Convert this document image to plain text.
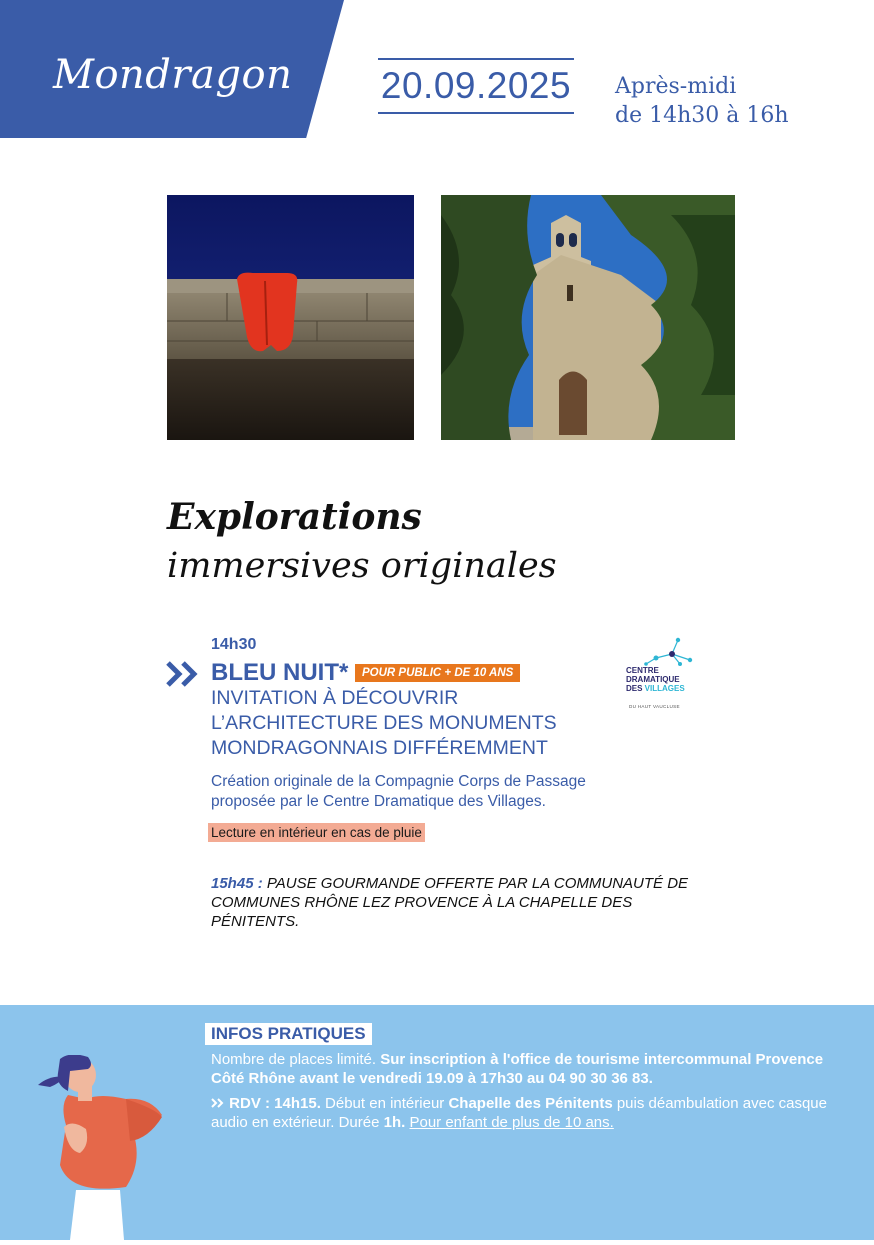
Mondragon 20.09.2025 Après-midi
de 14h30 à 16h
Explorations
immersives originales
14h30
BLEU NUIT*	POUR PUBLIC + DE 10 ANS
INVITATION À DÉCOUVRIR
L’ARCHITECTURE DES MONUMENTS
MONDRAGONNAIS DIFFÉREMMENT
Création originale de la Compagnie Corps de Passage
proposée par le Centre Dramatique des Villages.
Lecture en intérieur en cas de pluie
15h45 : PAUSE GOURMANDE OFFERTE PAR LA COMMUNAUTÉ DE COMMUNES RHÔNE LEZ PROVENCE À LA CHAPELLE DES PÉNITENTS.
CENTRE
DRAMATIQUE
DES VILLAGES
DU HAUT VAUCLUSE
INFOS PRATIQUES

Nombre de places limité. Sur inscription à l'office de tourisme intercommunal Provence Côté Rhône avant le vendredi 19.09 à 17h30 au 04 90 30 36 83.

RDV : 14h15. Début en intérieur Chapelle des Pénitents puis déambulation avec casque audio en extérieur. Durée 1h. Pour enfant de plus de 10 ans.
